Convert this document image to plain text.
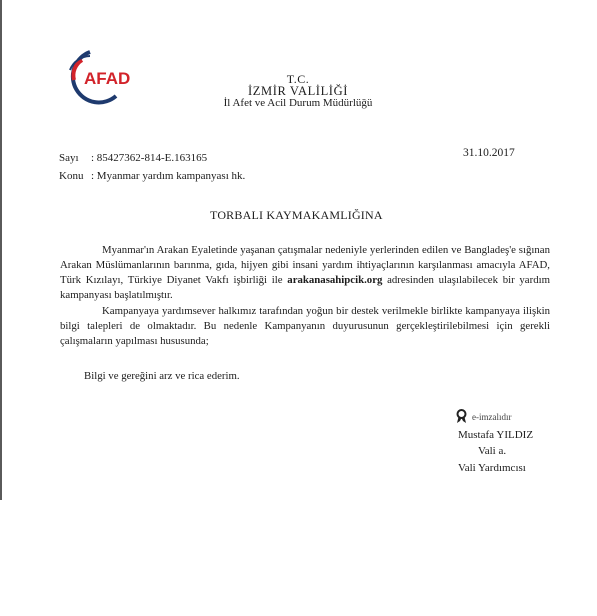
AFAD	T.C.
İZMİR VALİLİĞİ
İl Afet ve Acil Durum Müdürlüğü
Sayı : 85427362-814-E.163165
Konu : Myanmar yardım kampanyası hk.
31.10.2017
TORBALI KAYMAKAMLIĞINA
Myanmar'ın Arakan Eyaletinde yaşanan çatışmalar nedeniyle yerlerinden edilen ve Bangladeş'e sığınan Arakan Müslümanlarının barınma, gıda, hijyen gibi insani yardım ihtiyaçlarının karşılanması amacıyla AFAD, Türk Kızılayı, Türkiye Diyanet Vakfı işbirliği ile arakanasahipcik.org adresinden ulaşılabilecek bir yardım kampanyası başlatılmıştır.
Kampanyaya yardımsever halkımız tarafından yoğun bir destek verilmekle birlikte kampanyaya ilişkin bilgi talepleri de olmaktadır. Bu nedenle Kampanyanın duyurusunun gerçekleştirilebilmesi için gerekli çalışmaların yapılması hususunda;
Bilgi ve gereğini arz ve rica ederim.
e-imzalıdır
Mustafa YILDIZ
Vali a.
Vali Yardımcısı
